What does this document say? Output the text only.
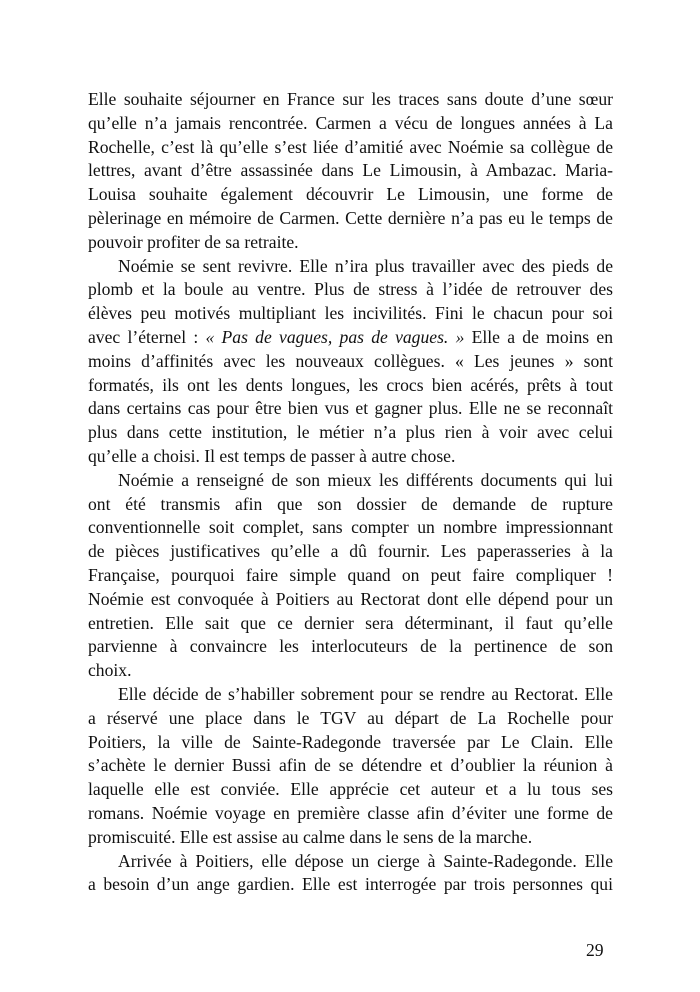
Elle souhaite séjourner en France sur les traces sans doute d’une sœur
qu’elle n’a jamais rencontrée. Carmen a vécu de longues années à La
Rochelle, c’est là qu’elle s’est liée d’amitié avec Noémie sa collègue de
lettres, avant d’être assassinée dans Le Limousin, à Ambazac. Maria-
Louisa souhaite également découvrir Le Limousin, une forme de
pèlerinage en mémoire de Carmen. Cette dernière n’a pas eu le temps de
pouvoir profiter de sa retraite.
Noémie se sent revivre. Elle n’ira plus travailler avec des pieds de
plomb et la boule au ventre. Plus de stress à l’idée de retrouver des
élèves peu motivés multipliant les incivilités. Fini le chacun pour soi
avec l’éternel : « Pas de vagues, pas de vagues. » Elle a de moins en
moins d’affinités avec les nouveaux collègues. « Les jeunes » sont
formatés, ils ont les dents longues, les crocs bien acérés, prêts à tout
dans certains cas pour être bien vus et gagner plus. Elle ne se reconnaît
plus dans cette institution, le métier n’a plus rien à voir avec celui
qu’elle a choisi. Il est temps de passer à autre chose.
Noémie a renseigné de son mieux les différents documents qui lui
ont été transmis afin que son dossier de demande de rupture
conventionnelle soit complet, sans compter un nombre impressionnant
de pièces justificatives qu’elle a dû fournir. Les paperasseries à la
Française, pourquoi faire simple quand on peut faire compliquer !
Noémie est convoquée à Poitiers au Rectorat dont elle dépend pour un
entretien. Elle sait que ce dernier sera déterminant, il faut qu’elle
parvienne à convaincre les interlocuteurs de la pertinence de son
choix.
Elle décide de s’habiller sobrement pour se rendre au Rectorat. Elle
a réservé une place dans le TGV au départ de La Rochelle pour
Poitiers, la ville de Sainte-Radegonde traversée par Le Clain. Elle
s’achète le dernier Bussi afin de se détendre et d’oublier la réunion à
laquelle elle est conviée. Elle apprécie cet auteur et a lu tous ses
romans. Noémie voyage en première classe afin d’éviter une forme de
promiscuité. Elle est assise au calme dans le sens de la marche.
Arrivée à Poitiers, elle dépose un cierge à Sainte-Radegonde. Elle
a besoin d’un ange gardien. Elle est interrogée par trois personnes qui
29
